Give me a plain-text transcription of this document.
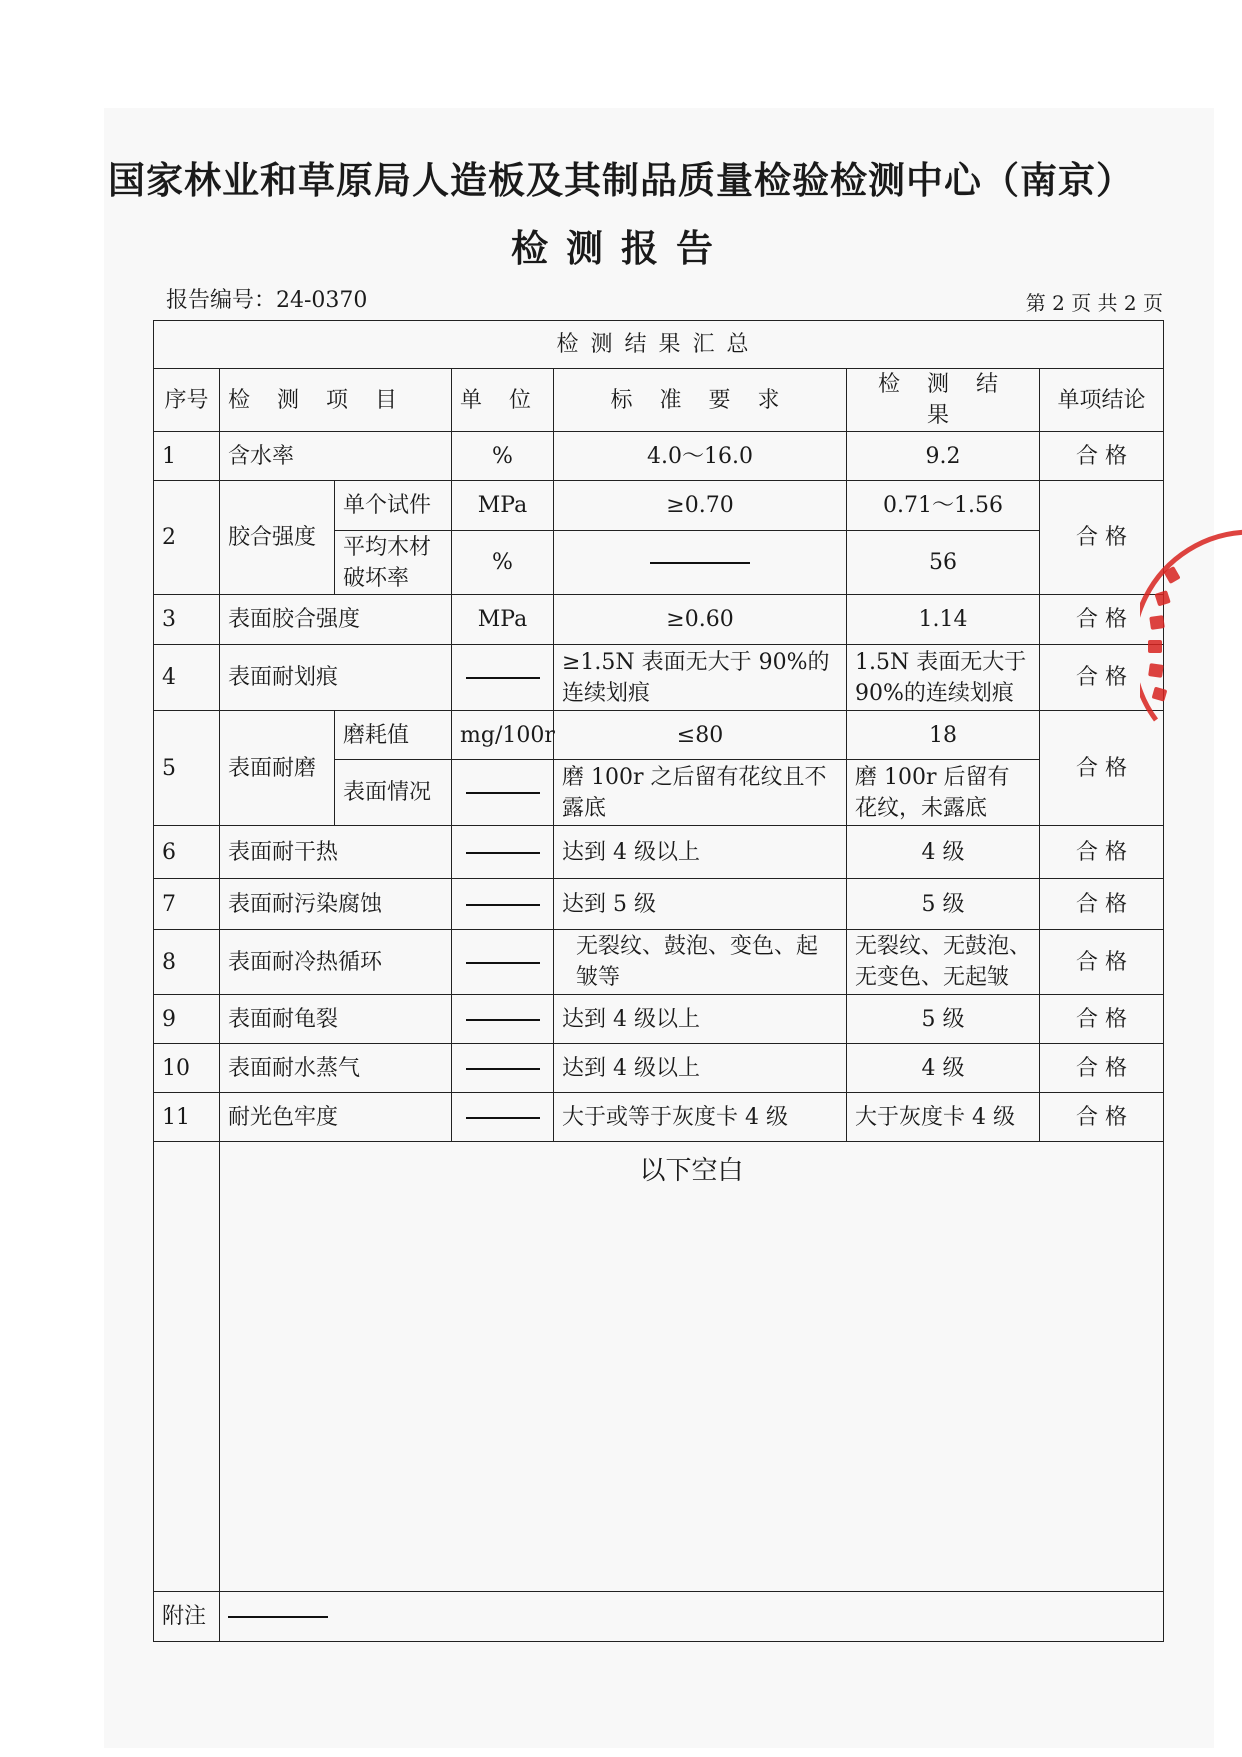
国家林业和草原局人造板及其制品质量检验检测中心（南京）
检测报告
报告编号：24-0370	第 2 页 共 2 页
检测结果汇总						
序号	检 测 项 目		单 位	标 准 要 求	检 测 结 果	单项结论
1	含水率		%	4.0～16.0	9.2	合 格
2	胶合强度	单个试件	MPa	≥0.70	0.71～1.56	合 格
		平均木材破坏率	%		56	
3	表面胶合强度		MPa	≥0.60	1.14	合 格
4	表面耐划痕			≥1.5N 表面无大于 90%的连续划痕	1.5N 表面无大于 90%的连续划痕	合 格
5	表面耐磨	磨耗值	mg/100r	≤80	18	合 格
		表面情况		磨 100r 之后留有花纹且不露底	磨 100r 后留有花纹，未露底	
6	表面耐干热			达到 4 级以上	4 级	合 格
7	表面耐污染腐蚀			达到 5 级	5 级	合 格
8	表面耐冷热循环			无裂纹、鼓泡、变色、起皱等	无裂纹、无鼓泡、无变色、无起皱	合 格
9	表面耐龟裂			达到 4 级以上	5 级	合 格
10	表面耐水蒸气			达到 4 级以上	4 级	合 格
11	耐光色牢度			大于或等于灰度卡 4 级	大于灰度卡 4 级	合 格
	以下空白					
附注						
